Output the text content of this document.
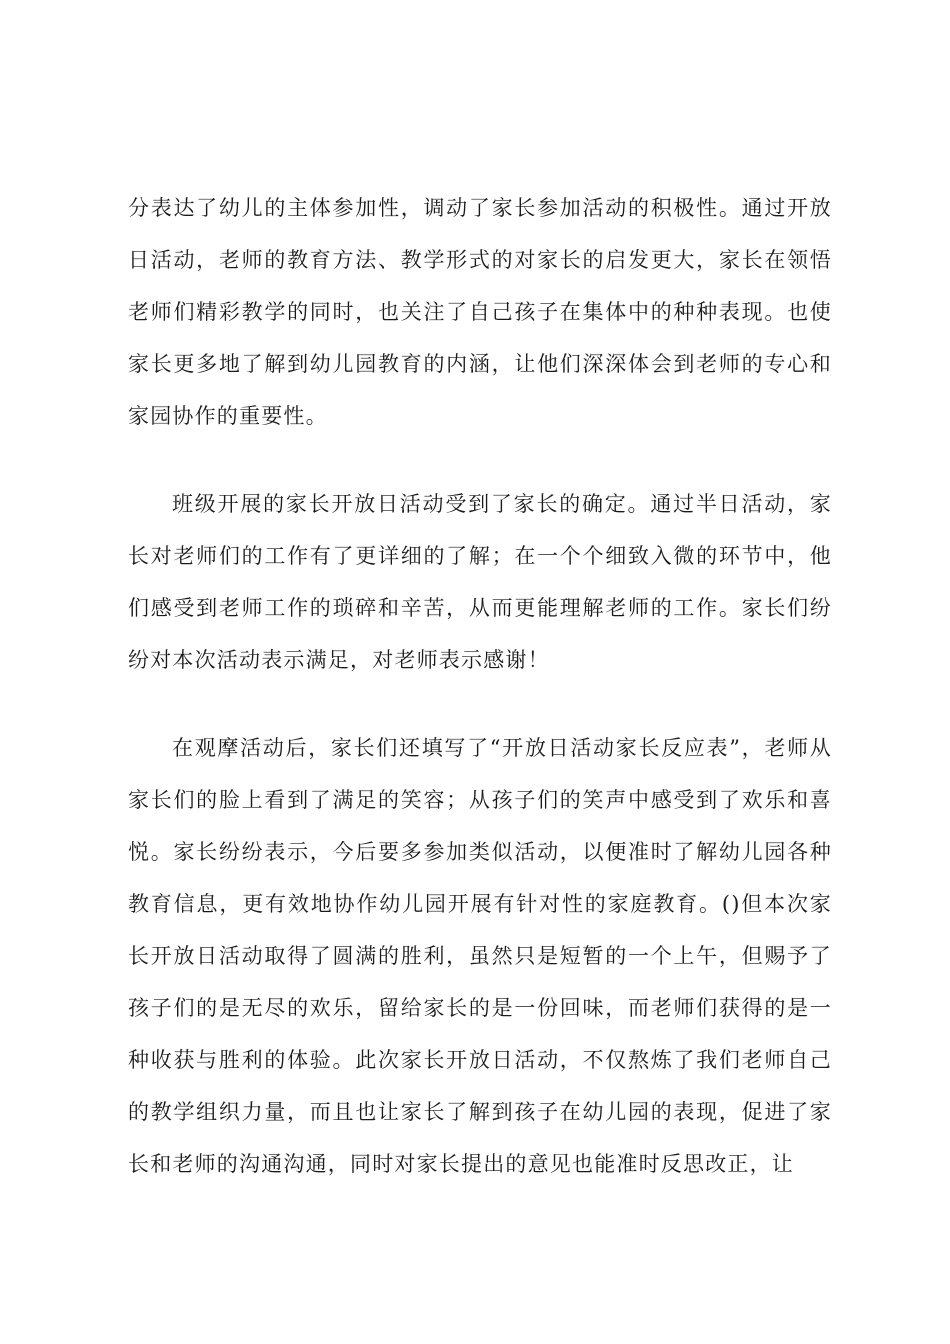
分表达了幼儿的主体参加性，调动了家长参加活动的积极性。通过开放日活动，老师的教育方法、教学形式的对家长的启发更大，家长在领悟老师们精彩教学的同时，也关注了自己孩子在集体中的种种表现。也使家长更多地了解到幼儿园教育的内涵，让他们深深体会到老师的专心和家园协作的重要性。

班级开展的家长开放日活动受到了家长的确定。通过半日活动，家长对老师们的工作有了更详细的了解；在一个个细致入微的环节中，他们感受到老师工作的琐碎和辛苦，从而更能理解老师的工作。家长们纷纷对本次活动表示满足，对老师表示感谢！

在观摩活动后，家长们还填写了“开放日活动家长反应表”，老师从家长们的脸上看到了满足的笑容；从孩子们的笑声中感受到了欢乐和喜悦。家长纷纷表示，今后要多参加类似活动，以便准时了解幼儿园各种教育信息，更有效地协作幼儿园开展有针对性的家庭教育。()但本次家长开放日活动取得了圆满的胜利，虽然只是短暂的一个上午，但赐予了孩子们的是无尽的欢乐，留给家长的是一份回味，而老师们获得的是一种收获与胜利的体验。此次家长开放日活动，不仅熬炼了我们老师自己的教学组织力量，而且也让家长了解到孩子在幼儿园的表现，促进了家长和老师的沟通沟通，同时对家长提出的意见也能准时反思改正，让
